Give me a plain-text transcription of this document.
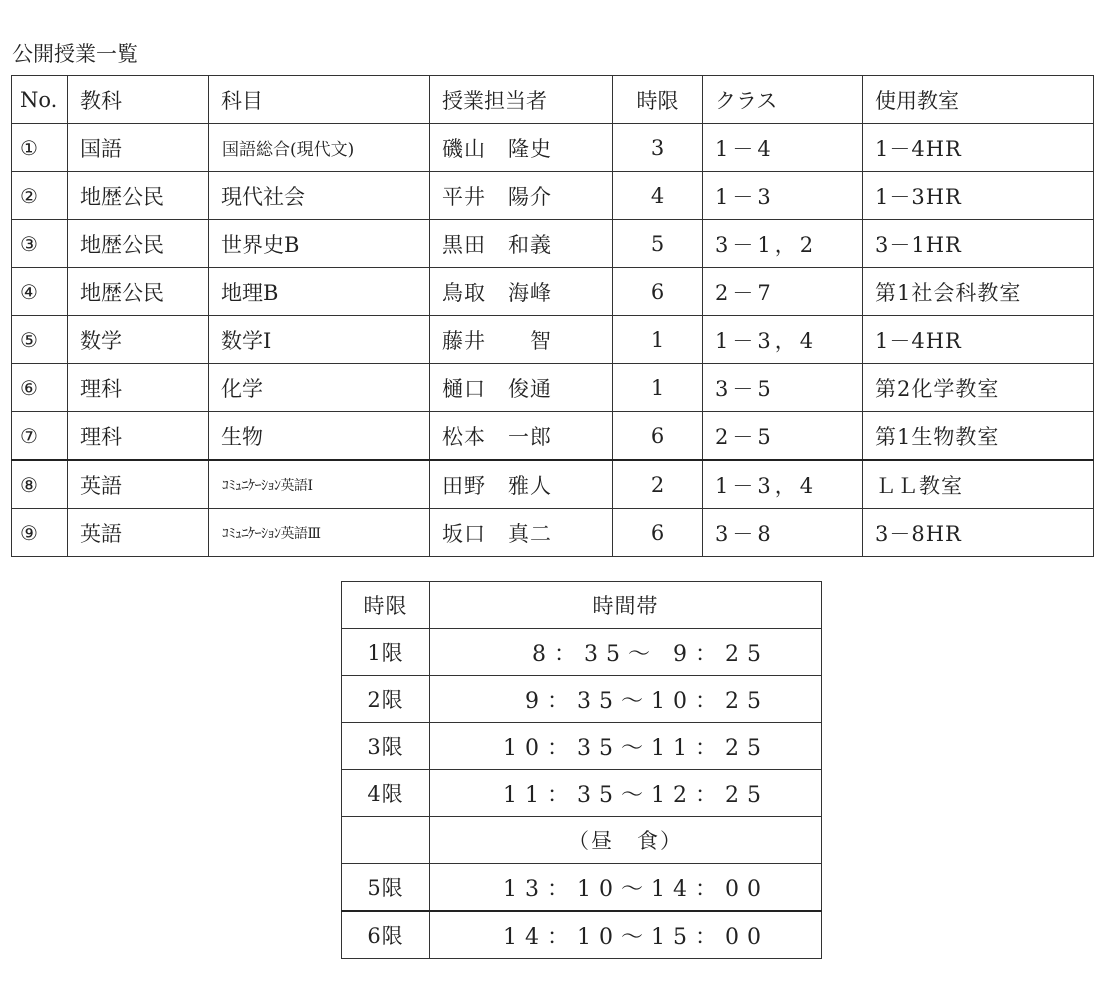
公開授業一覧
No.	教科	科目	授業担当者	時限	クラス	使用教室
①	国語	国語総合(現代文)	磯山　隆史	3	1－4	1－4HR
②	地歴公民	現代社会	平井　陽介	4	1－3	1－3HR
③	地歴公民	世界史B	黒田　和義	5	3－1，2	3－1HR
④	地歴公民	地理B	鳥取　海峰	6	2－7	第1社会科教室
⑤	数学	数学Ⅰ	藤井　　智	1	1－3，4	1－4HR
⑥	理科	化学	樋口　俊通	1	3－5	第2化学教室
⑦	理科	生物	松本　一郎	6	2－5	第1生物教室
⑧	英語	ｺﾐｭﾆｹｰｼｮﾝ英語Ⅰ	田野　雅人	2	1－3，4	ＬＬ教室
⑨	英語	ｺﾐｭﾆｹｰｼｮﾝ英語Ⅲ	坂口　真二	6	3－8	3－8HR
時限	時間帯
1限	8：35～ 9：25
2限	9：35～10：25
3限	10：35～11：25
4限	11：35～12：25
	（昼　食）
5限	13：10～14：00
6限	14：10～15：00
